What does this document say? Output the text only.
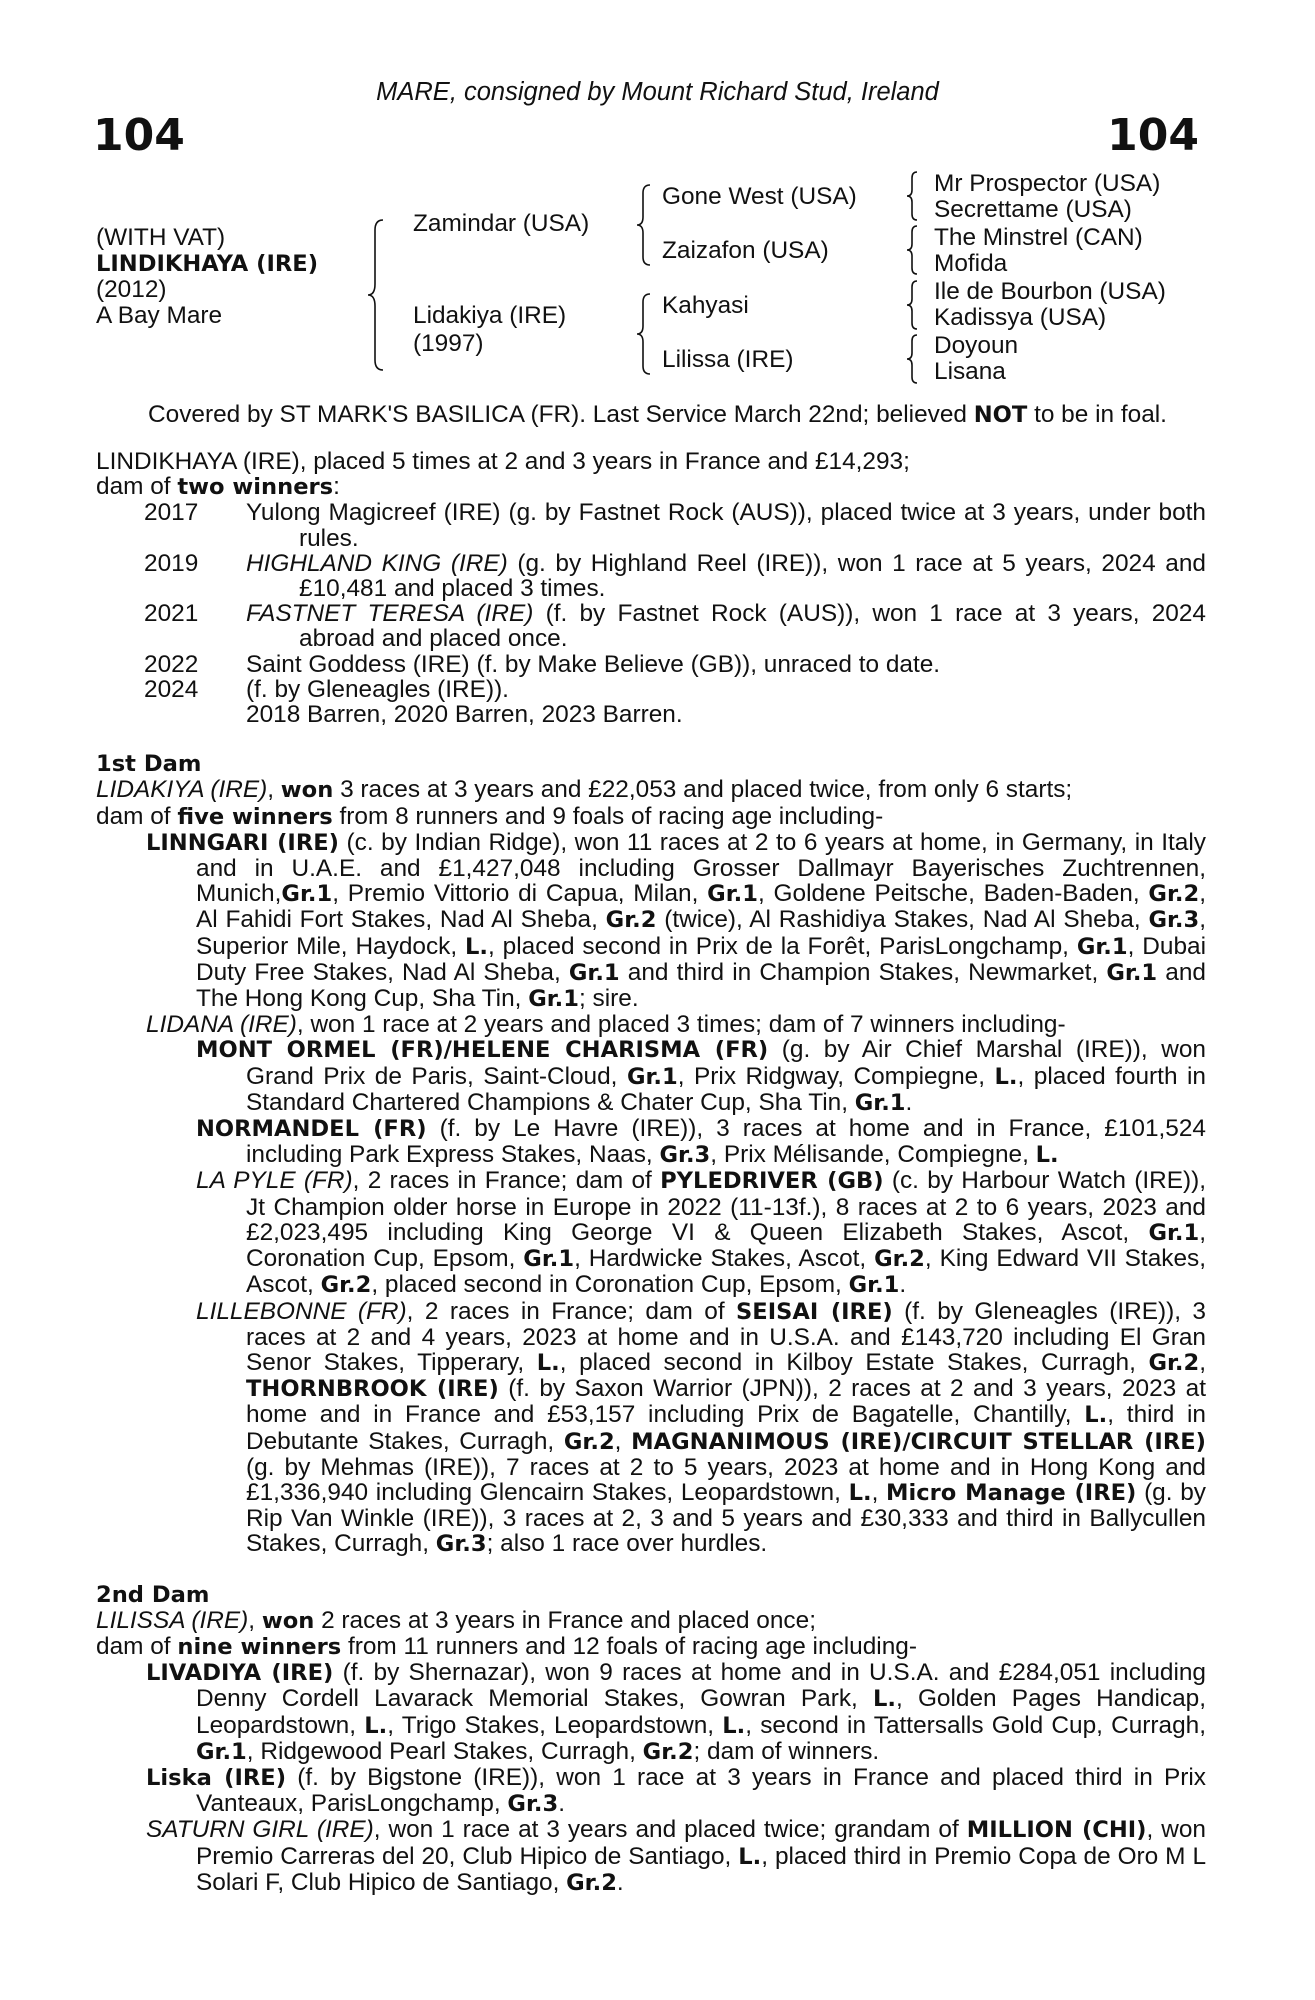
104
MARE, consigned by Mount Richard Stud, Ireland
104
(WITH VAT)
LINDIKHAYA (IRE)
(2012)
A Bay Mare
Zamindar (USA)
Lidakiya (IRE)
(1997)
Gone West (USA)
Zaizafon (USA)
Kahyasi
Lilissa (IRE)
Mr Prospector (USA)
Secrettame (USA)
The Minstrel (CAN)
Mofida
Ile de Bourbon (USA)
Kadissya (USA)
Doyoun
Lisana
Covered by ST MARK'S BASILICA (FR). Last Service March 22nd; believed NOT to be in foal.
LINDIKHAYA (IRE), placed 5 times at 2 and 3 years in France and £14,293;
dam of two winners:
2017	Yulong Magicreef (IRE) (g. by Fastnet Rock (AUS)), placed twice at 3 years, under both rules.
2019	HIGHLAND KING (IRE) (g. by Highland Reel (IRE)), won 1 race at 5 years, 2024 and £10,481 and placed 3 times.
2021	FASTNET TERESA (IRE) (f. by Fastnet Rock (AUS)), won 1 race at 3 years, 2024 abroad and placed once.
2022	Saint Goddess (IRE) (f. by Make Believe (GB)), unraced to date.
2024	(f. by Gleneagles (IRE)).
2018 Barren, 2020 Barren, 2023 Barren.
1st Dam
LIDAKIYA (IRE), won 3 races at 3 years and £22,053 and placed twice, from only 6 starts;
dam of five winners from 8 runners and 9 foals of racing age including-
LINNGARI (IRE) (c. by Indian Ridge), won 11 races at 2 to 6 years at home, in Germany, in Italy and in U.A.E. and £1,427,048 including Grosser Dallmayr Bayerisches Zuchtrennen, Munich,Gr.1, Premio Vittorio di Capua, Milan, Gr.1, Goldene Peitsche, Baden-Baden, Gr.2, Al Fahidi Fort Stakes, Nad Al Sheba, Gr.2 (twice), Al Rashidiya Stakes, Nad Al Sheba, Gr.3, Superior Mile, Haydock, L., placed second in Prix de la Forêt, ParisLongchamp, Gr.1, Dubai Duty Free Stakes, Nad Al Sheba, Gr.1 and third in Champion Stakes, Newmarket, Gr.1 and The Hong Kong Cup, Sha Tin, Gr.1; sire.
LIDANA (IRE), won 1 race at 2 years and placed 3 times; dam of 7 winners including-
MONT ORMEL (FR)/HELENE CHARISMA (FR) (g. by Air Chief Marshal (IRE)), won Grand Prix de Paris, Saint-Cloud, Gr.1, Prix Ridgway, Compiegne, L., placed fourth in Standard Chartered Champions & Chater Cup, Sha Tin, Gr.1.
NORMANDEL (FR) (f. by Le Havre (IRE)), 3 races at home and in France, £101,524 including Park Express Stakes, Naas, Gr.3, Prix Mélisande, Compiegne, L.
LA PYLE (FR), 2 races in France; dam of PYLEDRIVER (GB) (c. by Harbour Watch (IRE)), Jt Champion older horse in Europe in 2022 (11-13f.), 8 races at 2 to 6 years, 2023 and £2,023,495 including King George VI & Queen Elizabeth Stakes, Ascot, Gr.1, Coronation Cup, Epsom, Gr.1, Hardwicke Stakes, Ascot, Gr.2, King Edward VII Stakes, Ascot, Gr.2, placed second in Coronation Cup, Epsom, Gr.1.
LILLEBONNE (FR), 2 races in France; dam of SEISAI (IRE) (f. by Gleneagles (IRE)), 3 races at 2 and 4 years, 2023 at home and in U.S.A. and £143,720 including El Gran Senor Stakes, Tipperary, L., placed second in Kilboy Estate Stakes, Curragh, Gr.2, THORNBROOK (IRE) (f. by Saxon Warrior (JPN)), 2 races at 2 and 3 years, 2023 at home and in France and £53,157 including Prix de Bagatelle, Chantilly, L., third in Debutante Stakes, Curragh, Gr.2, MAGNANIMOUS (IRE)/CIRCUIT STELLAR (IRE) (g. by Mehmas (IRE)), 7 races at 2 to 5 years, 2023 at home and in Hong Kong and £1,336,940 including Glencairn Stakes, Leopardstown, L., Micro Manage (IRE) (g. by Rip Van Winkle (IRE)), 3 races at 2, 3 and 5 years and £30,333 and third in Ballycullen Stakes, Curragh, Gr.3; also 1 race over hurdles.
2nd Dam
LILISSA (IRE), won 2 races at 3 years in France and placed once;
dam of nine winners from 11 runners and 12 foals of racing age including-
LIVADIYA (IRE) (f. by Shernazar), won 9 races at home and in U.S.A. and £284,051 including Denny Cordell Lavarack Memorial Stakes, Gowran Park, L., Golden Pages Handicap, Leopardstown, L., Trigo Stakes, Leopardstown, L., second in Tattersalls Gold Cup, Curragh, Gr.1, Ridgewood Pearl Stakes, Curragh, Gr.2; dam of winners.
Liska (IRE) (f. by Bigstone (IRE)), won 1 race at 3 years in France and placed third in Prix Vanteaux, ParisLongchamp, Gr.3.
SATURN GIRL (IRE), won 1 race at 3 years and placed twice; grandam of MILLION (CHI), won Premio Carreras del 20, Club Hipico de Santiago, L., placed third in Premio Copa de Oro M L Solari F, Club Hipico de Santiago, Gr.2.
